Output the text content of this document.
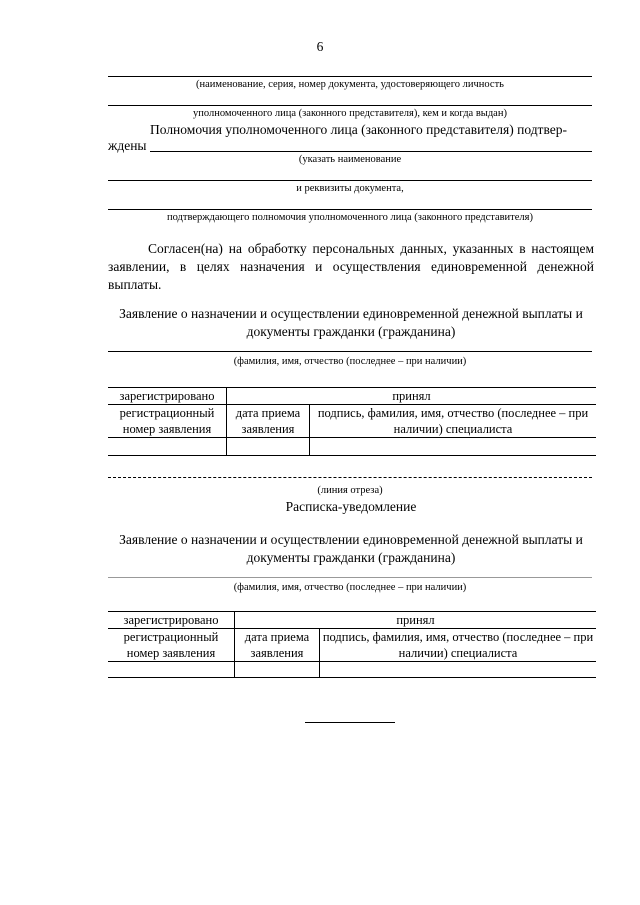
6
(наименование, серия, номер документа, удостоверяющего личность
уполномоченного лица (законного представителя), кем и когда выдан)
Полномочия уполномоченного лица (законного представителя) подтвер-
ждены
(указать наименование
и реквизиты документа,
подтверждающего полномочия уполномоченного лица (законного представителя)
Согласен(на) на обработку персональных данных, указанных в настоящем заявлении, в целях назначения и осуществления единовременной денежной выплаты.
Заявление о назначении и осуществлении единовременной денежной выплаты и документы гражданки (гражданина)
(фамилия, имя, отчество (последнее – при наличии)
зарегистрировано	принял	
регистрационный номер заявления	дата приема заявления	подпись, фамилия, имя, отчество (последнее – при наличии) специалиста

(линия отреза)
Расписка-уведомление
Заявление о назначении и осуществлении единовременной денежной выплаты и документы гражданки (гражданина)
(фамилия, имя, отчество (последнее – при наличии)
зарегистрировано	принял	
регистрационный номер заявления	дата приема заявления	подпись, фамилия, имя, отчество (последнее – при наличии) специалиста
